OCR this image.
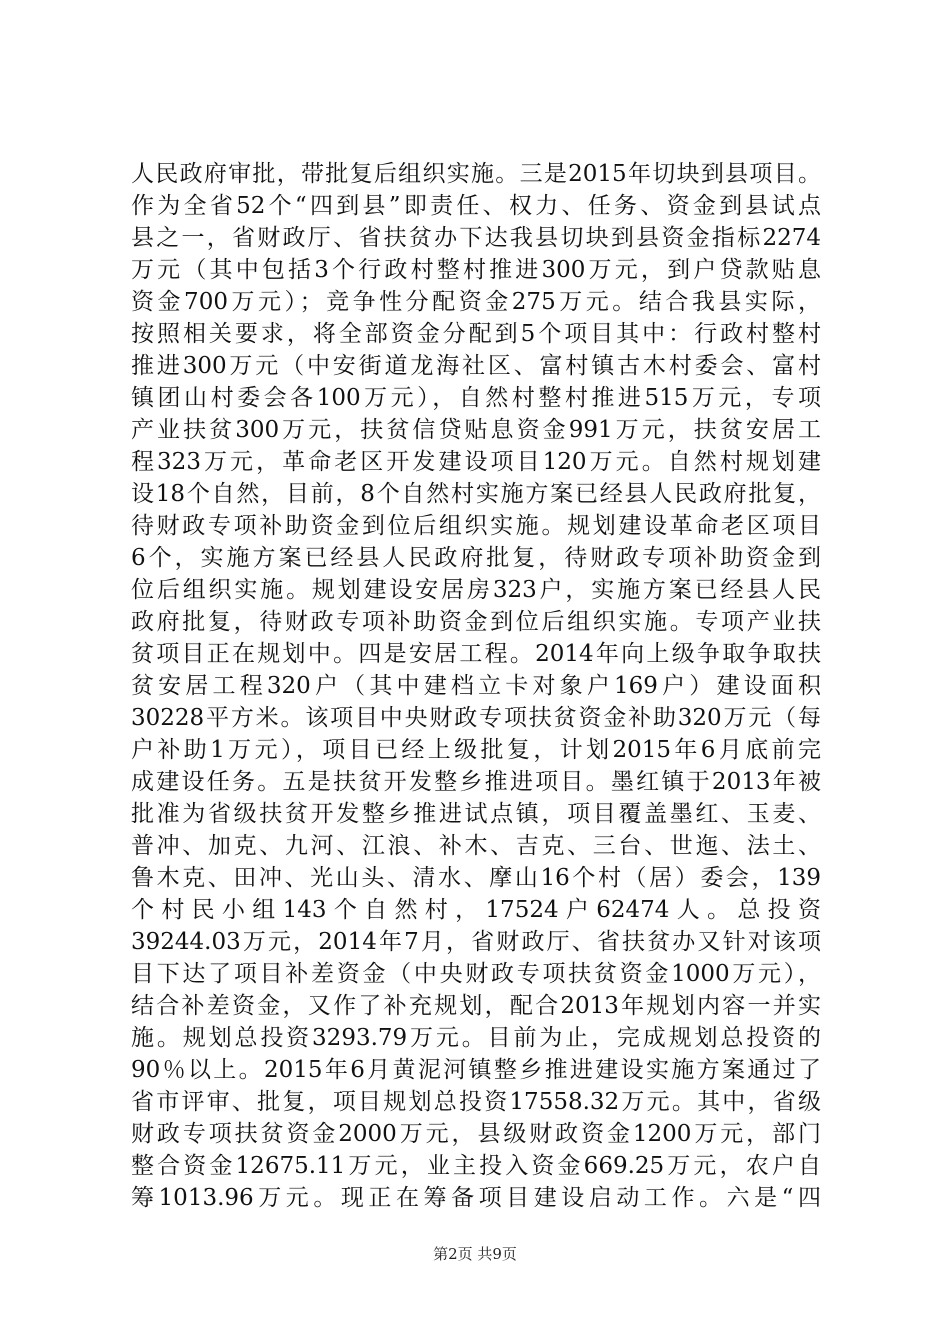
人民政府审批，带批复后组织实施。三是2015年切块到县项目。
作为全省52个“四到县”即责任、权力、任务、资金到县试点
县之一，省财政厅、省扶贫办下达我县切块到县资金指标2274
万元（其中包括3个行政村整村推进300万元，到户贷款贴息
资金700万元）；竞争性分配资金275万元。结合我县实际，
按照相关要求，将全部资金分配到5个项目其中：行政村整村
推进300万元（中安街道龙海社区、富村镇古木村委会、富村
镇团山村委会各100万元），自然村整村推进515万元，专项
产业扶贫300万元，扶贫信贷贴息资金991万元，扶贫安居工
程323万元，革命老区开发建设项目120万元。自然村规划建
设18个自然，目前，8个自然村实施方案已经县人民政府批复，
待财政专项补助资金到位后组织实施。规划建设革命老区项目
6个，实施方案已经县人民政府批复，待财政专项补助资金到
位后组织实施。规划建设安居房323户，实施方案已经县人民
政府批复，待财政专项补助资金到位后组织实施。专项产业扶
贫项目正在规划中。四是安居工程。2014年向上级争取争取扶
贫安居工程320户（其中建档立卡对象户169户）建设面积
30228平方米。该项目中央财政专项扶贫资金补助320万元（每
户补助1万元），项目已经上级批复，计划2015年6月底前完
成建设任务。五是扶贫开发整乡推进项目。墨红镇于2013年被
批准为省级扶贫开发整乡推进试点镇，项目覆盖墨红、玉麦、
普冲、加克、九河、江浪、补木、吉克、三台、世迤、法土、
鲁木克、田冲、光山头、清水、摩山16个村（居）委会，139
个村民小组143个自然村，17524户62474人。总投资
39244.03万元，2014年7月，省财政厅、省扶贫办又针对该项
目下达了项目补差资金（中央财政专项扶贫资金1000万元），
结合补差资金，又作了补充规划，配合2013年规划内容一并实
施。规划总投资3293.79万元。目前为止，完成规划总投资的
90％以上。2015年6月黄泥河镇整乡推进建设实施方案通过了
省市评审、批复，项目规划总投资17558.32万元。其中，省级
财政专项扶贫资金2000万元，县级财政资金1200万元，部门
整合资金12675.11万元，业主投入资金669.25万元，农户自
筹1013.96万元。现正在筹备项目建设启动工作。六是“四
第2页 共9页
